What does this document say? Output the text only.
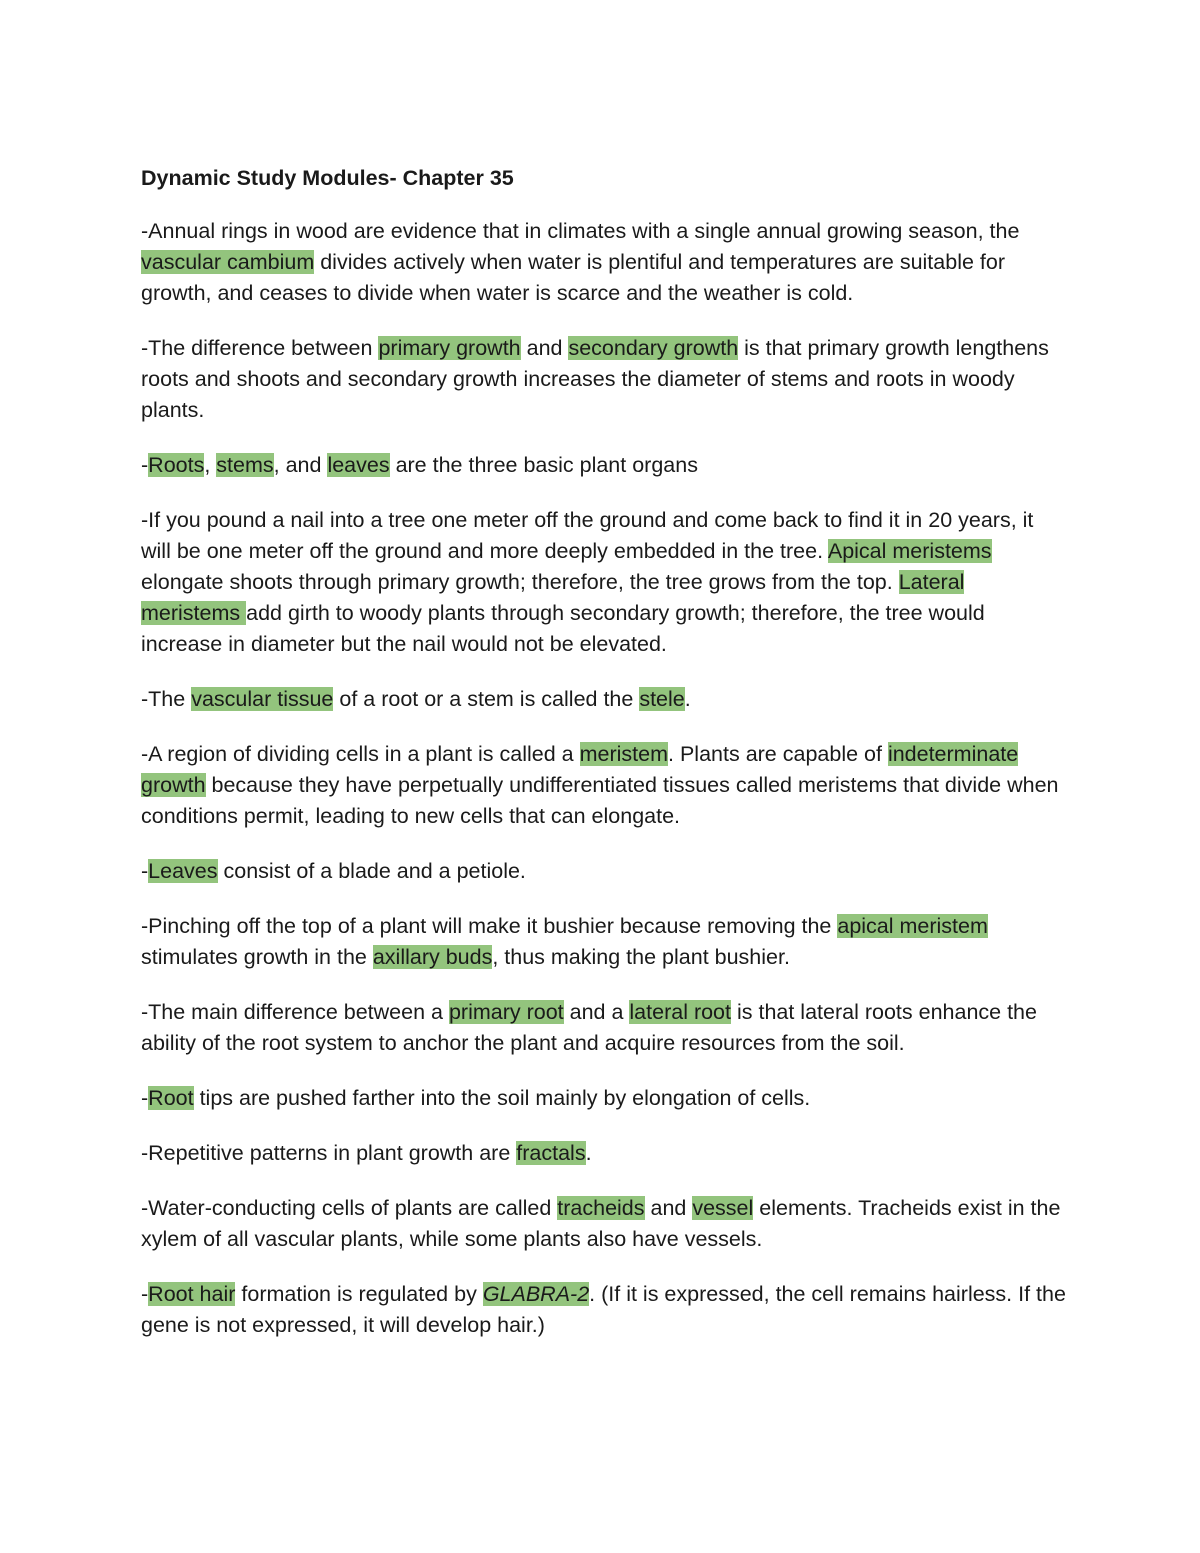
Dynamic Study Modules- Chapter 35

-Annual rings in wood are evidence that in climates with a single annual growing season, the vascular cambium divides actively when water is plentiful and temperatures are suitable for growth, and ceases to divide when water is scarce and the weather is cold.

-The difference between primary growth and secondary growth is that primary growth lengthens roots and shoots and secondary growth increases the diameter of stems and roots in woody plants.

-Roots, stems, and leaves are the three basic plant organs

-If you pound a nail into a tree one meter off the ground and come back to find it in 20 years, it will be one meter off the ground and more deeply embedded in the tree. Apical meristems elongate shoots through primary growth; therefore, the tree grows from the top. Lateral meristems add girth to woody plants through secondary growth; therefore, the tree would increase in diameter but the nail would not be elevated.

-The vascular tissue of a root or a stem is called the stele.

-A region of dividing cells in a plant is called a meristem. Plants are capable of indeterminate growth because they have perpetually undifferentiated tissues called meristems that divide when conditions permit, leading to new cells that can elongate.

-Leaves consist of a blade and a petiole.

-Pinching off the top of a plant will make it bushier because removing the apical meristem stimulates growth in the axillary buds, thus making the plant bushier.

-The main difference between a primary root and a lateral root is that lateral roots enhance the ability of the root system to anchor the plant and acquire resources from the soil.

-Root tips are pushed farther into the soil mainly by elongation of cells.

-Repetitive patterns in plant growth are fractals.

-Water-conducting cells of plants are called tracheids and vessel elements. Tracheids exist in the xylem of all vascular plants, while some plants also have vessels.

-Root hair formation is regulated by GLABRA-2. (If it is expressed, the cell remains hairless. If the gene is not expressed, it will develop hair.)
